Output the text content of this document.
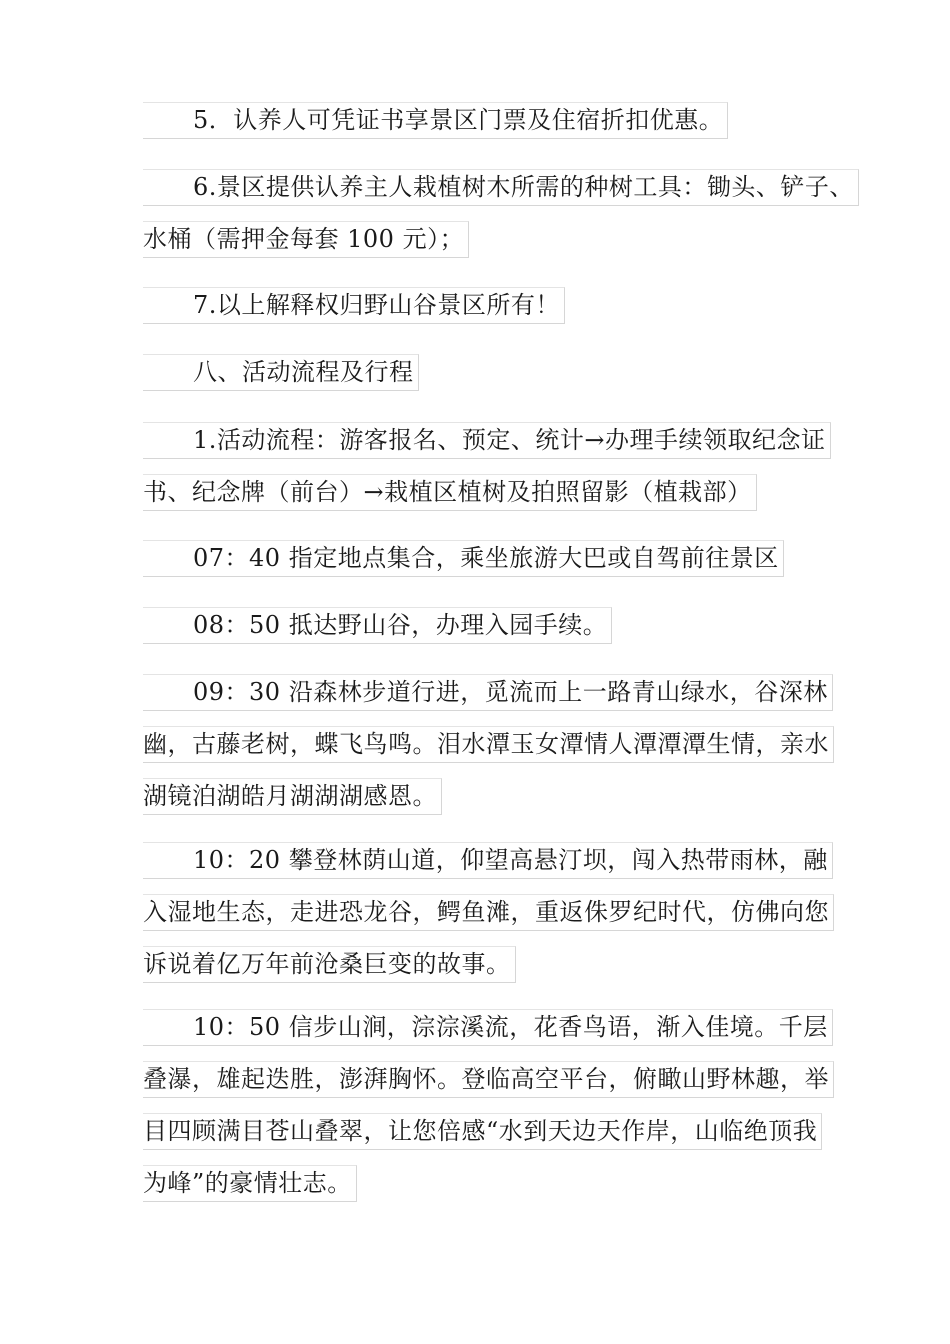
5．认养人可凭证书享景区门票及住宿折扣优惠。
6.景区提供认养主人栽植树木所需的种树工具：锄头、铲子、
水桶（需押金每套 100 元）；
7.以上解释权归野山谷景区所有！
八、活动流程及行程
1.活动流程：游客报名、预定、统计→办理手续领取纪念证
书、纪念牌（前台）→栽植区植树及拍照留影（植栽部）
07：40 指定地点集合，乘坐旅游大巴或自驾前往景区
08：50 抵达野山谷，办理入园手续。
09：30 沿森林步道行进，觅流而上一路青山绿水，谷深林
幽，古藤老树，蝶飞鸟鸣。泪水潭玉女潭情人潭潭潭生情，亲水
湖镜泊湖皓月湖湖湖感恩。
10：20 攀登林荫山道，仰望高悬汀坝，闯入热带雨林，融
入湿地生态，走进恐龙谷，鳄鱼滩，重返侏罗纪时代，仿佛向您
诉说着亿万年前沧桑巨变的故事。
10：50 信步山涧，淙淙溪流，花香鸟语，渐入佳境。千层
叠瀑，雄起迭胜，澎湃胸怀。登临高空平台，俯瞰山野林趣，举
目四顾满目苍山叠翠，让您倍感“水到天边天作岸，山临绝顶我
为峰”的豪情壮志。
